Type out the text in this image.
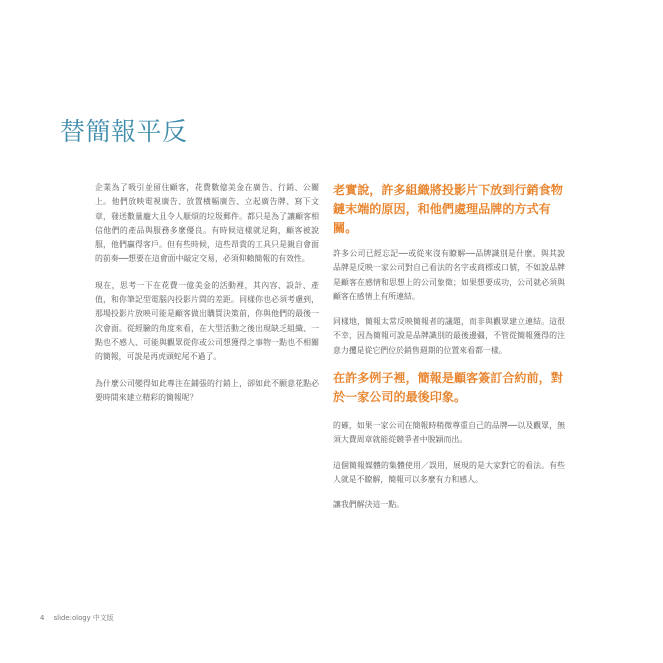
替簡報平反

企業為了吸引並留住顧客，花費數億美金在廣告、行銷、公關上。他們放映電視廣告、放置橫幅廣告、立起廣告牌、寫下文章，發送數量龐大且令人厭煩的垃圾郵件。都只是為了讓顧客相信他們的產品與服務多麼優良。有時候這樣就足夠，顧客被說服，他們贏得客戶。但有些時候，這些昂貴的工具只是親自會面的前奏──想要在這會面中敲定交易，必須仰賴簡報的有效性。

現在，思考一下在花費一億美金的活動裡，其內容、設計、產值，和你筆記型電腦內投影片間的差距。同樣你也必須考慮到，那場投影片放映可能是顧客做出購買決策前，你與他們的最後一次會面。從經驗的角度來看，在大型活動之後出現缺乏組織、一點也不感人、可能與觀眾從你或公司想獲得之事物一點也不相關的簡報，可說是再虎頭蛇尾不過了。

為什麼公司變得如此專注在鋪張的行銷上，卻如此不願意花點必要時間來建立精彩的簡報呢？

老實說，許多組織將投影片下放到行銷食物鏈末端的原因，和他們處理品牌的方式有關。

許多公司已經忘記──或從來沒有瞭解──品牌識別是什麼。與其說品牌是反映一家公司對自己看法的名字或商標或口號，不如說品牌是顧客在感情和思想上的公司象徵；如果想要成功，公司就必須與顧客在感情上有所連結。

同樣地，簡報太常反映簡報者的議題，而非與觀眾建立連結。這很不幸，因為簡報可說是品牌識別的最後邊疆，不管從簡報獲得的注意力攫是從它們位於銷售週期的位置來看都一樣。

在許多例子裡，簡報是顧客簽訂合約前，對於一家公司的最後印象。

的確，如果一家公司在簡報時稍微尊重自己的品牌──以及觀眾，無須大費周章就能從競爭者中脫穎而出。

這個簡報媒體的集體使用／誤用，展現的是大家對它的看法。有些人就是不瞭解，簡報可以多麼有力和感人。

讓我們解決這一點。

4 slide:ology 中文版
